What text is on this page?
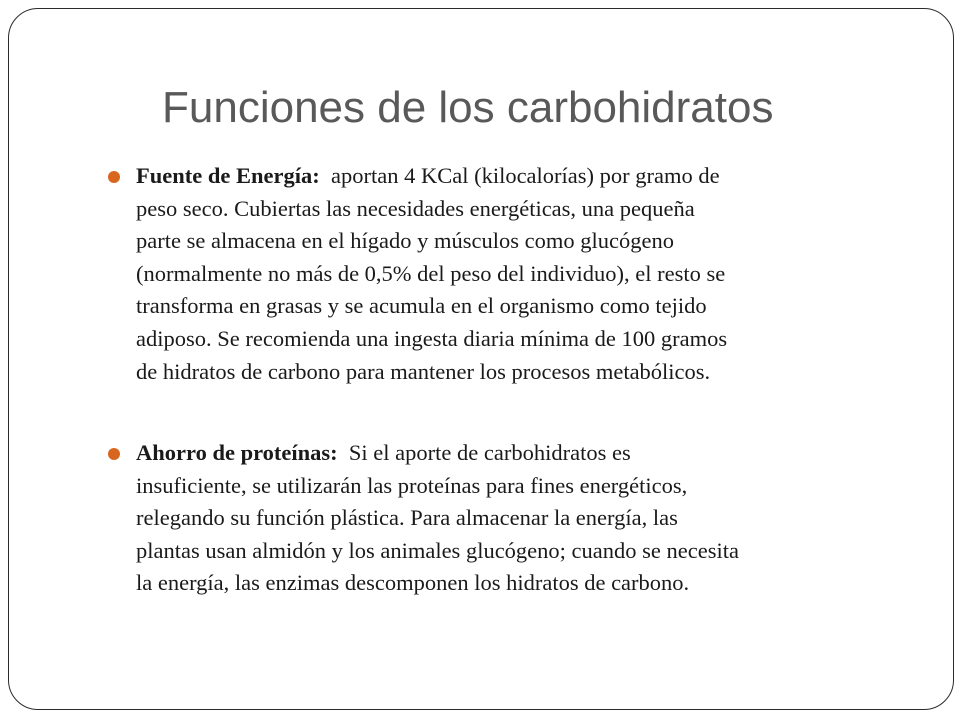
Funciones de los carbohidratos
Fuente de Energía: aportan 4 KCal (kilocalorías) por gramo de
peso seco. Cubiertas las necesidades energéticas, una pequeña
parte se almacena en el hígado y músculos como glucógeno
(normalmente no más de 0,5% del peso del individuo), el resto se
transforma en grasas y se acumula en el organismo como tejido
adiposo. Se recomienda una ingesta diaria mínima de 100 gramos
de hidratos de carbono para mantener los procesos metabólicos.
Ahorro de proteínas: Si el aporte de carbohidratos es
insuficiente, se utilizarán las proteínas para fines energéticos,
relegando su función plástica. Para almacenar la energía, las
plantas usan almidón y los animales glucógeno; cuando se necesita
la energía, las enzimas descomponen los hidratos de carbono.
